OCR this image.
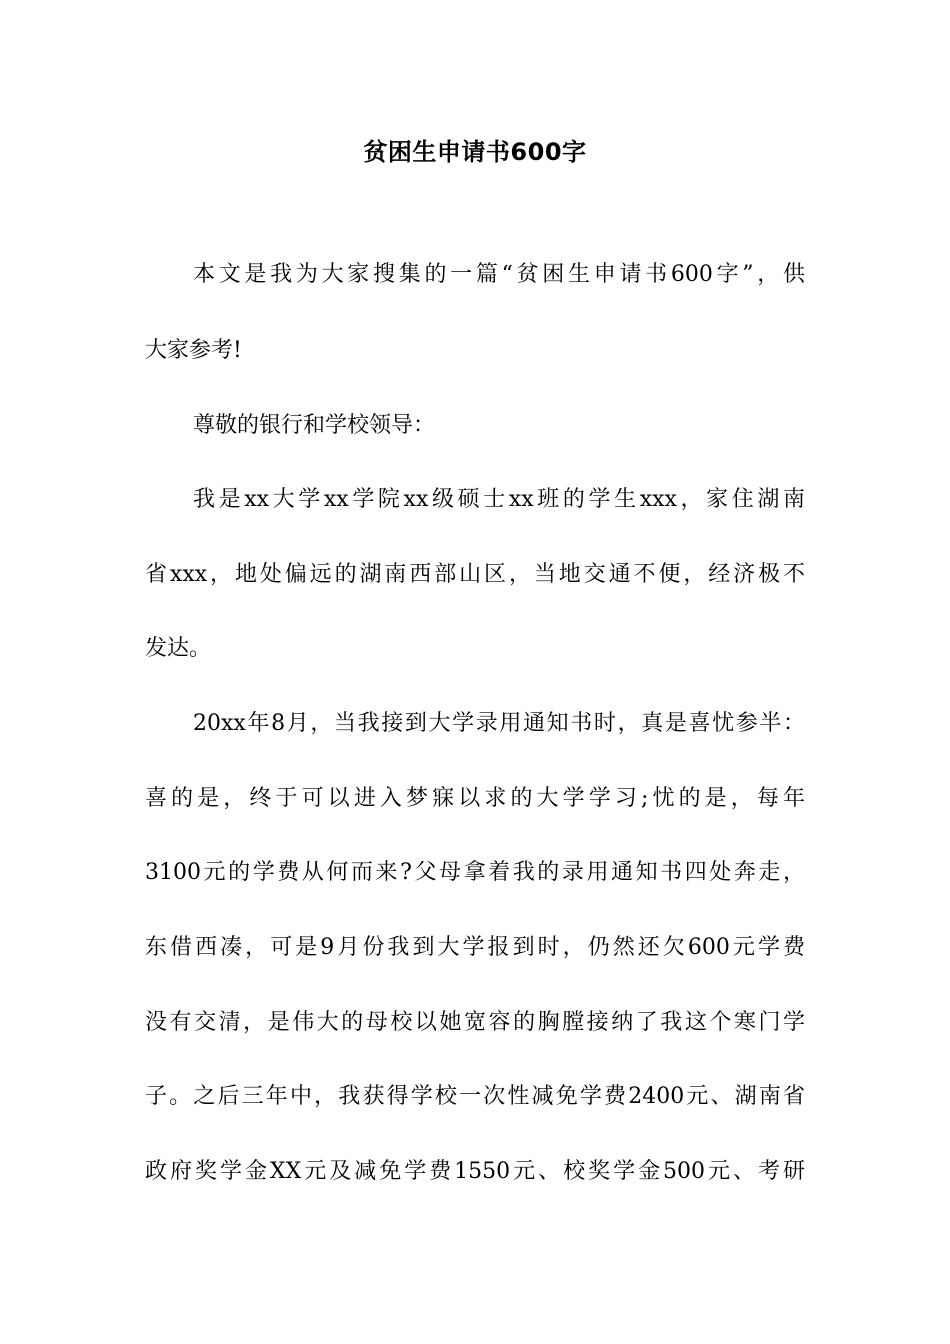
贫困生申请书600字
本文是我为大家搜集的一篇“贫困生申请书600字”，供
大家参考!
尊敬的银行和学校领导：
我是xx大学xx学院xx级硕士xx班的学生xxx，家住湖南
省xxx，地处偏远的湖南西部山区，当地交通不便，经济极不
发达。
20xx年8月，当我接到大学录用通知书时，真是喜忧参半：
喜的是，终于可以进入梦寐以求的大学学习;忧的是，每年
3100元的学费从何而来?父母拿着我的录用通知书四处奔走，
东借西凑，可是9月份我到大学报到时，仍然还欠600元学费
没有交清，是伟大的母校以她宽容的胸膛接纳了我这个寒门学
子。之后三年中，我获得学校一次性减免学费2400元、湖南省
政府奖学金XX元及减免学费1550元、校奖学金500元、考研
